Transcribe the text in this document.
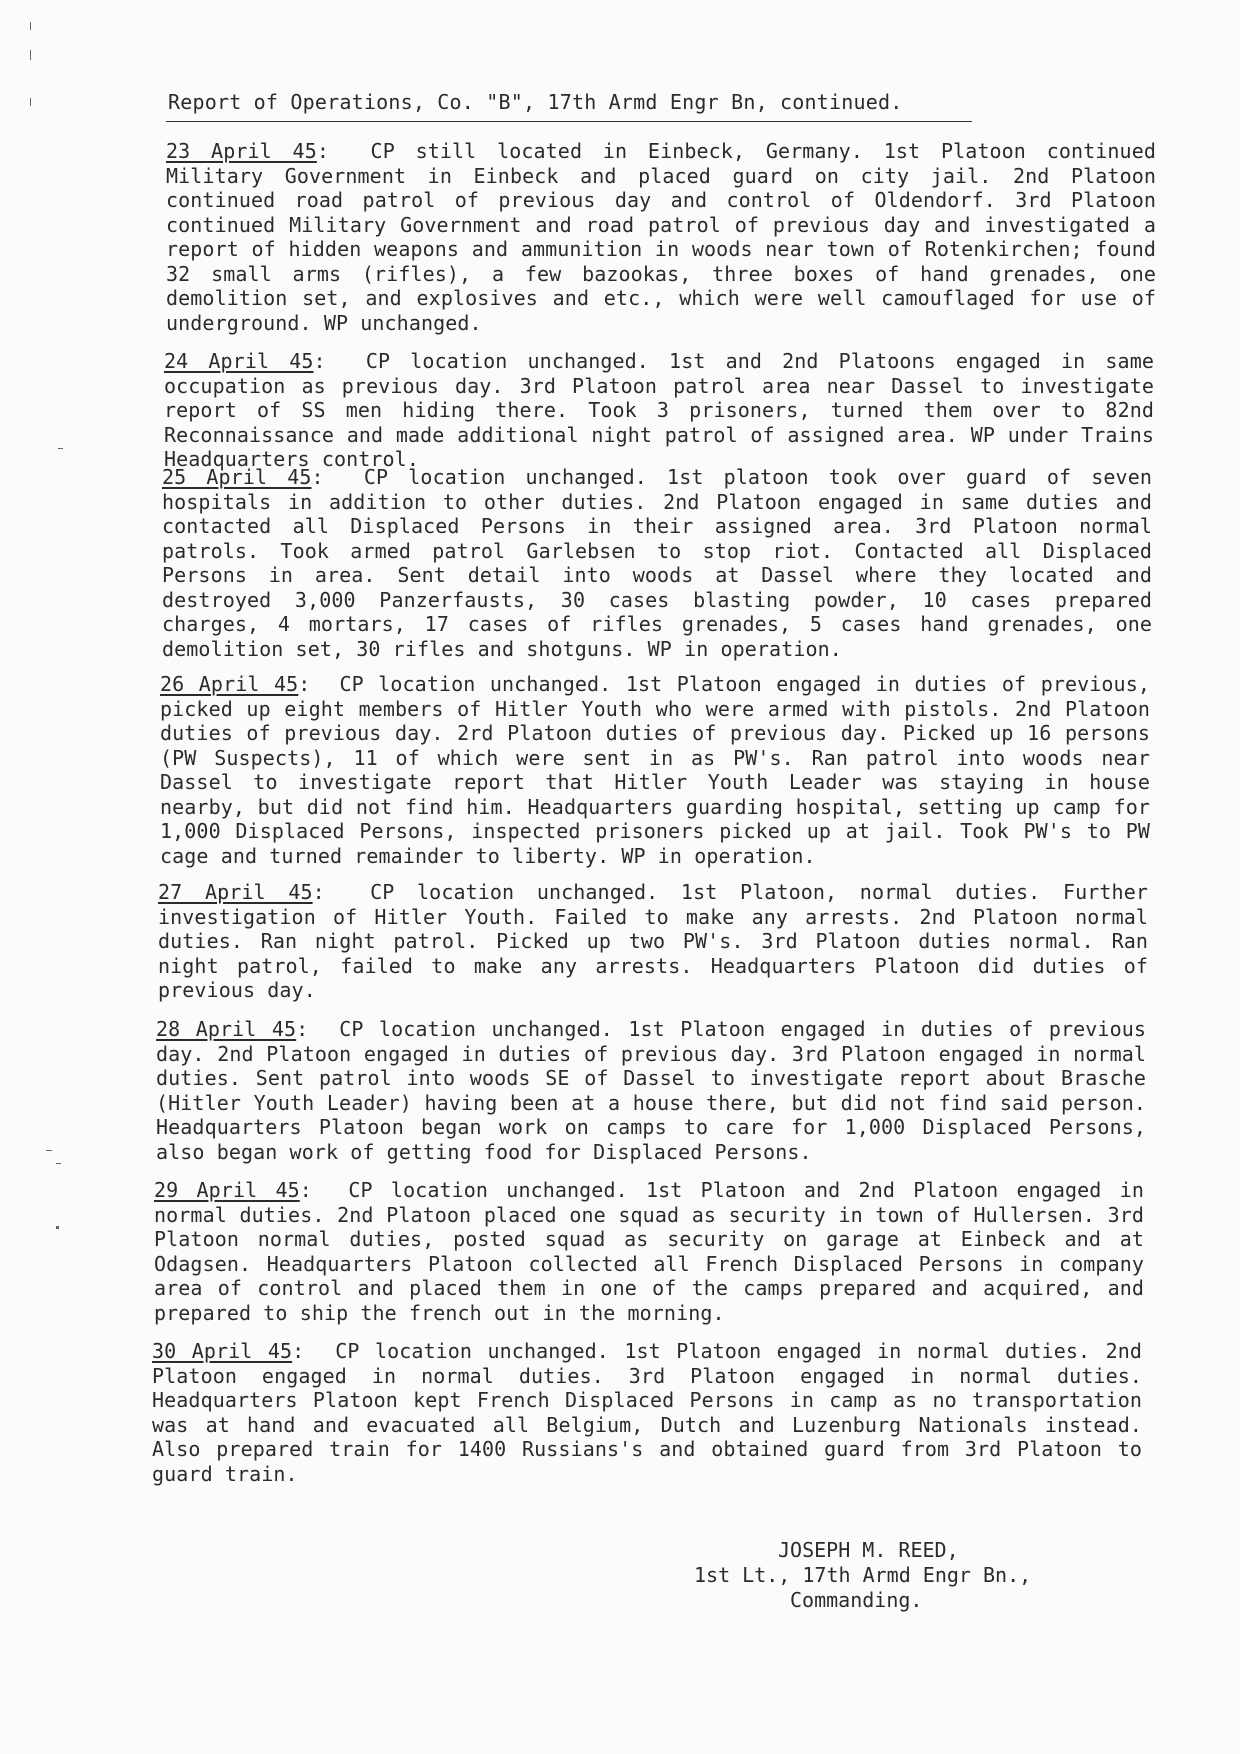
Report of Operations, Co. "B", 17th Armd Engr Bn, continued.
23 April 45:  CP still located in Einbeck, Germany. 1st Platoon continued Military Government in Einbeck and placed guard on city jail. 2nd Platoon continued road patrol of previous day and control of Oldendorf. 3rd Platoon continued Military Government and road patrol of previous day and investigated a report of hidden weapons and ammunition in woods near town of Rotenkirchen; found 32 small arms (rifles), a few bazookas, three boxes of hand grenades, one demolition set, and explosives and etc., which were well camouflaged for use of underground. WP unchanged.
24 April 45:  CP location unchanged. 1st and 2nd Platoons engaged in same occupation as previous day. 3rd Platoon patrol area near Dassel to investigate report of SS men hiding there. Took 3 prisoners, turned them over to 82nd Reconnaissance and made additional night patrol of assigned area. WP under Trains Headquarters control.
25 April 45:  CP location unchanged. 1st platoon took over guard of seven hospitals in addition to other duties. 2nd Platoon engaged in same duties and contacted all Displaced Persons in their assigned area. 3rd Platoon normal patrols. Took armed patrol Garlebsen to stop riot. Contacted all Displaced Persons in area. Sent detail into woods at Dassel where they located and destroyed 3,000 Panzerfausts, 30 cases blasting powder, 10 cases prepared charges, 4 mortars, 17 cases of rifles grenades, 5 cases hand grenades, one demolition set, 30 rifles and shotguns. WP in operation.
26 April 45:  CP location unchanged. 1st Platoon engaged in duties of previous, picked up eight members of Hitler Youth who were armed with pistols. 2nd Platoon duties of previous day. 2rd Platoon duties of previous day. Picked up 16 persons (PW Suspects), 11 of which were sent in as PW's. Ran patrol into woods near Dassel to investigate report that Hitler Youth Leader was staying in house nearby, but did not find him. Headquarters guarding hospital, setting up camp for 1,000 Displaced Persons, inspected prisoners picked up at jail. Took PW's to PW cage and turned remainder to liberty. WP in operation.
27 April 45:  CP location unchanged. 1st Platoon, normal duties. Further investigation of Hitler Youth. Failed to make any arrests. 2nd Platoon normal duties. Ran night patrol. Picked up two PW's. 3rd Platoon duties normal. Ran night patrol, failed to make any arrests. Headquarters Platoon did duties of previous day.
28 April 45:  CP location unchanged. 1st Platoon engaged in duties of previous day. 2nd Platoon engaged in duties of previous day. 3rd Platoon engaged in normal duties. Sent patrol into woods SE of Dassel to investigate report about Brasche (Hitler Youth Leader) having been at a house there, but did not find said person. Headquarters Platoon began work on camps to care for 1,000 Displaced Persons, also began work of getting food for Displaced Persons.
29 April 45:  CP location unchanged. 1st Platoon and 2nd Platoon engaged in normal duties. 2nd Platoon placed one squad as security in town of Hullersen. 3rd Platoon normal duties, posted squad as security on garage at Einbeck and at Odagsen. Headquarters Platoon collected all French Displaced Persons in company area of control and placed them in one of the camps prepared and acquired, and prepared to ship the french out in the morning.
30 April 45:  CP location unchanged. 1st Platoon engaged in normal duties. 2nd Platoon engaged in normal duties. 3rd Platoon engaged in normal duties. Headquarters Platoon kept French Displaced Persons in camp as no transportation was at hand and evacuated all Belgium, Dutch and Luzenburg Nationals instead. Also prepared train for 1400 Russians's and obtained guard from 3rd Platoon to guard train.
JOSEPH M. REED,
1st Lt., 17th Armd Engr Bn.,
Commanding.
